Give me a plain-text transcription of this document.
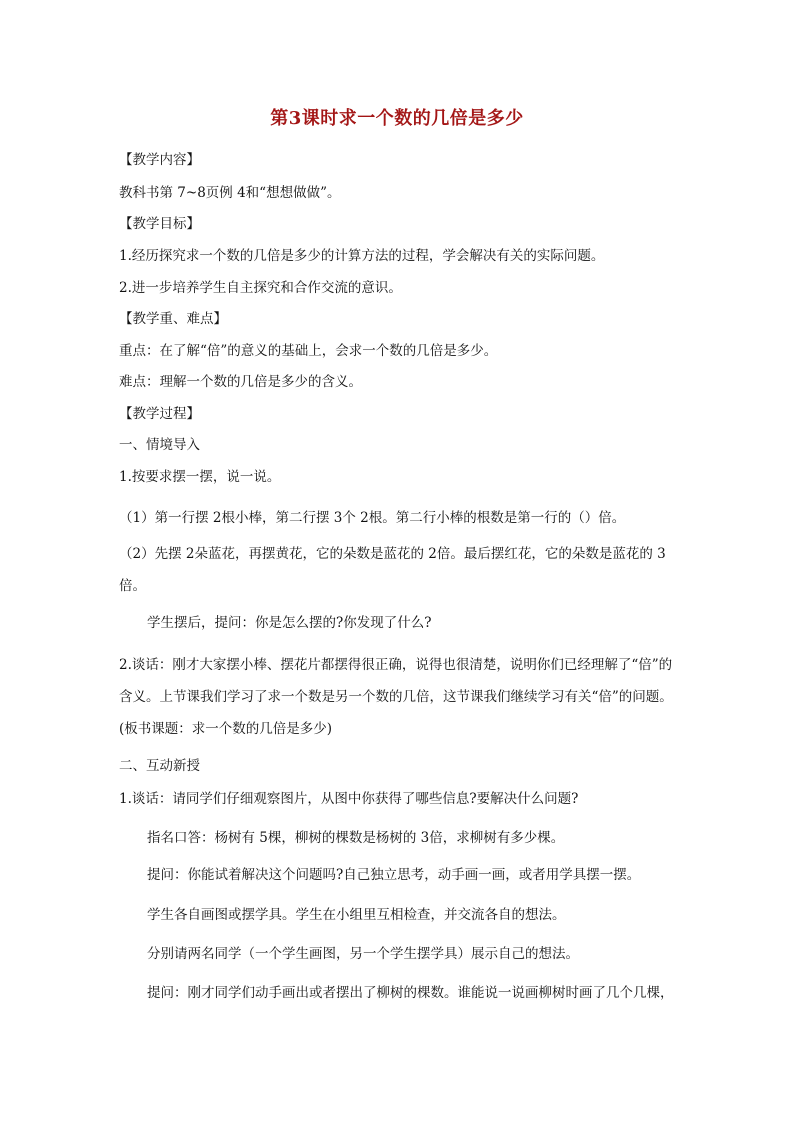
第3课时求一个数的几倍是多少
【教学内容】
教科书第 7~8页例 4和“想想做做”。
【教学目标】
1.经历探究求一个数的几倍是多少的计算方法的过程，学会解决有关的实际问题。
2.进一步培养学生自主探究和合作交流的意识。
【教学重、难点】
重点：在了解“倍”的意义的基础上，会求一个数的几倍是多少。
难点：理解一个数的几倍是多少的含义。
【教学过程】
一、情境导入
1.按要求摆一摆，说一说。
（1）第一行摆 2根小棒，第二行摆 3个 2根。第二行小棒的根数是第一行的（）倍。
（2）先摆 2朵蓝花，再摆黄花，它的朵数是蓝花的 2倍。最后摆红花，它的朵数是蓝花的 3倍。
学生摆后，提问：你是怎么摆的?你发现了什么?
2.谈话：刚才大家摆小棒、摆花片都摆得很正确，说得也很清楚，说明你们已经理解了“倍”的含义。上节课我们学习了求一个数是另一个数的几倍，这节课我们继续学习有关“倍”的问题。(板书课题：求一个数的几倍是多少)
二、互动新授
1.谈话：请同学们仔细观察图片，从图中你获得了哪些信息?要解决什么问题?
指名口答：杨树有 5棵，柳树的棵数是杨树的 3倍，求柳树有多少棵。
提问：你能试着解决这个问题吗?自己独立思考，动手画一画，或者用学具摆一摆。
学生各自画图或摆学具。学生在小组里互相检查，并交流各自的想法。
分别请两名同学（一个学生画图，另一个学生摆学具）展示自己的想法。
提问：刚才同学们动手画出或者摆出了柳树的棵数。谁能说一说画柳树时画了几个几棵，
